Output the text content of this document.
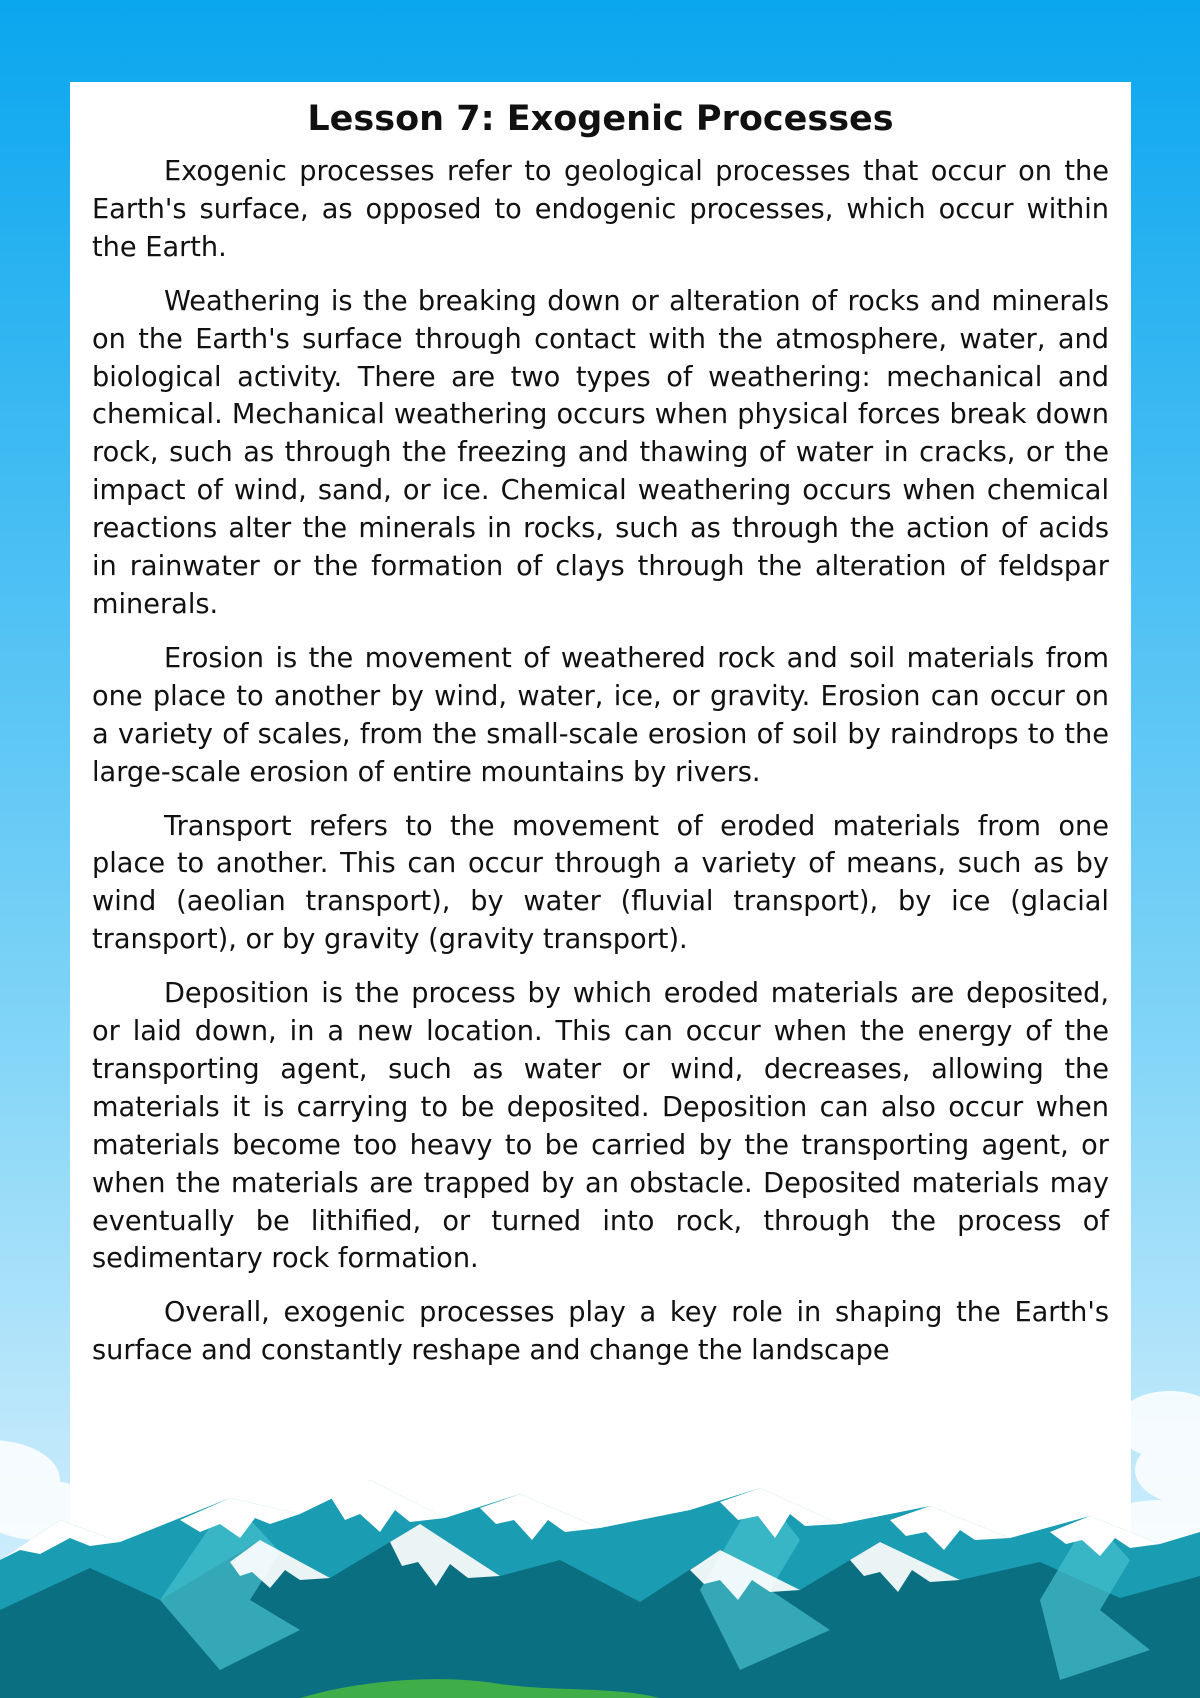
Lesson 7: Exogenic Processes

Exogenic processes refer to geological processes that occur on the Earth's surface, as opposed to endogenic processes, which occur within the Earth.

Weathering is the breaking down or alteration of rocks and minerals on the Earth's surface through contact with the atmosphere, water, and biological activity. There are two types of weathering: mechanical and chemical. Mechanical weathering occurs when physical forces break down rock, such as through the freezing and thawing of water in cracks, or the impact of wind, sand, or ice. Chemical weathering occurs when chemical reactions alter the minerals in rocks, such as through the action of acids in rainwater or the formation of clays through the alteration of feldspar minerals.

Erosion is the movement of weathered rock and soil materials from one place to another by wind, water, ice, or gravity. Erosion can occur on a variety of scales, from the small-scale erosion of soil by raindrops to the large-scale erosion of entire mountains by rivers.

Transport refers to the movement of eroded materials from one place to another. This can occur through a variety of means, such as by wind (aeolian transport), by water (fluvial transport), by ice (glacial transport), or by gravity (gravity transport).

Deposition is the process by which eroded materials are deposited, or laid down, in a new location. This can occur when the energy of the transporting agent, such as water or wind, decreases, allowing the materials it is carrying to be deposited. Deposition can also occur when materials become too heavy to be carried by the transporting agent, or when the materials are trapped by an obstacle. Deposited materials may eventually be lithified, or turned into rock, through the process of sedimentary rock formation.

Overall, exogenic processes play a key role in shaping the Earth's surface and constantly reshape and change the landscape
